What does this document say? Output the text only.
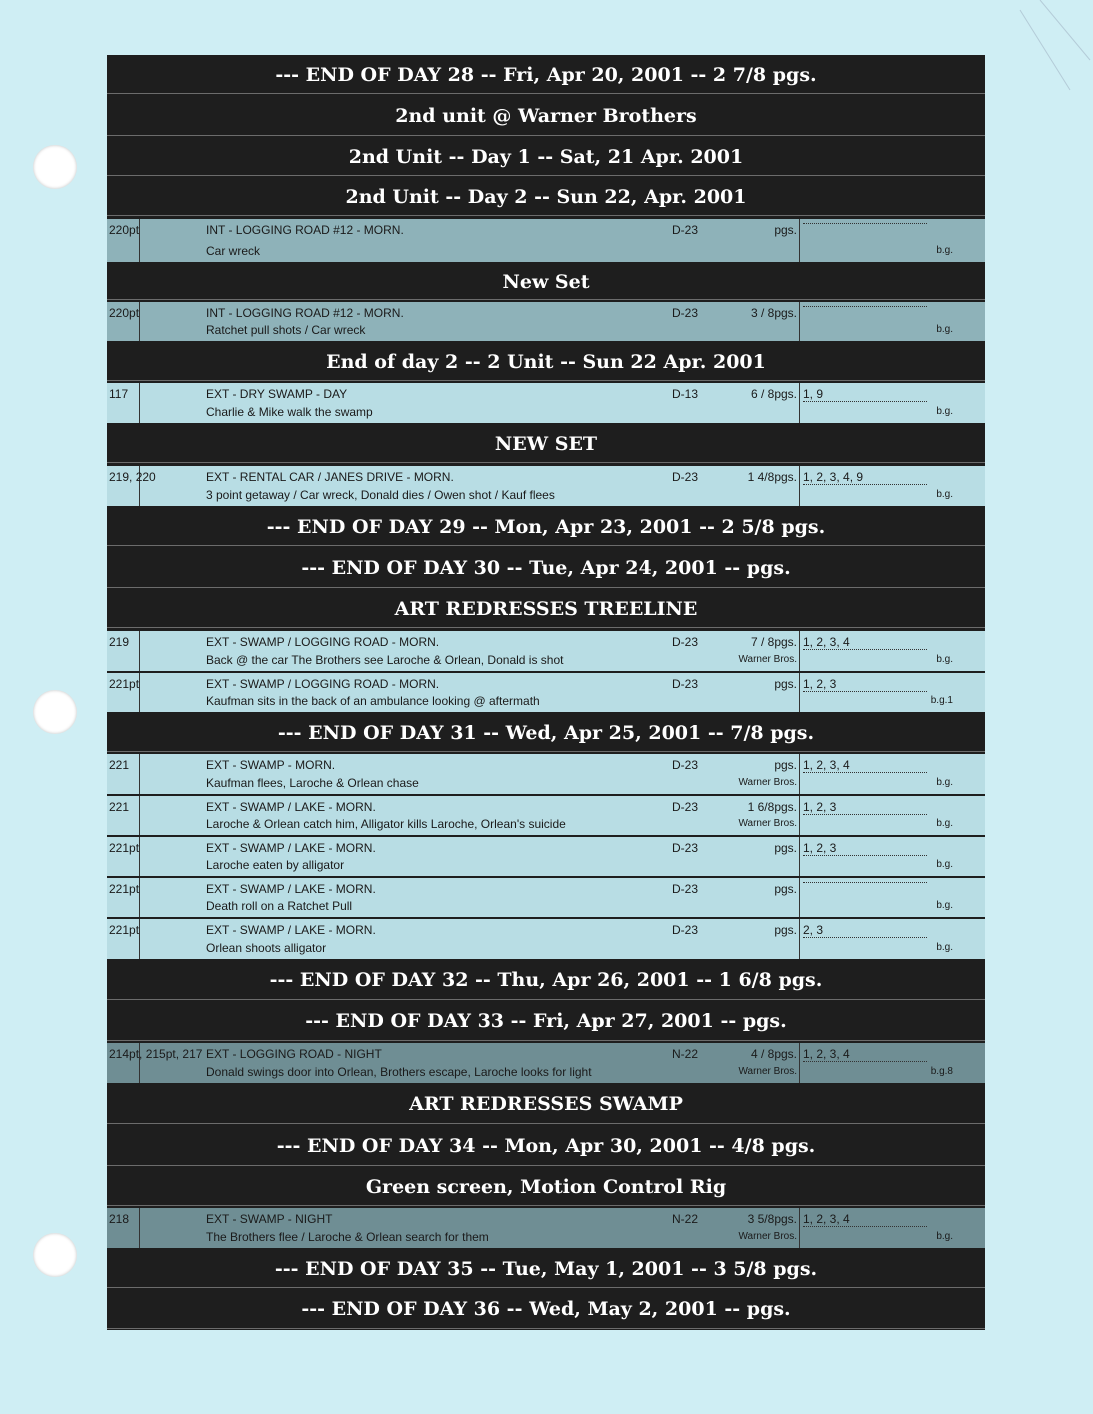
--- END OF DAY 28 -- Fri, Apr 20, 2001 -- 2 7/8 pgs.
2nd unit @ Warner Brothers
2nd Unit -- Day 1 -- Sat, 21 Apr. 2001
2nd Unit -- Day 2 -- Sun 22, Apr. 2001
220pt	INT - LOGGING ROAD #12 - MORN.	D-23	pgs.
Car wreck	b.g.
New Set
220pt	INT - LOGGING ROAD #12 - MORN.	D-23	3 / 8pgs.
Ratchet pull shots / Car wreck	b.g.
End of day 2 -- 2 Unit -- Sun 22 Apr. 2001
117	EXT - DRY SWAMP - DAY	D-13	6 / 8pgs. 1, 9
Charlie & Mike walk the swamp	b.g.
NEW SET
219, 220	EXT - RENTAL CAR / JANES DRIVE - MORN.	D-23	1 4/8pgs. 1, 2, 3, 4, 9
3 point getaway / Car wreck, Donald dies / Owen shot / Kauf flees	b.g.
--- END OF DAY 29 -- Mon, Apr 23, 2001 -- 2 5/8 pgs.
--- END OF DAY 30 -- Tue, Apr 24, 2001 -- pgs.
ART REDRESSES TREELINE
219	EXT - SWAMP / LOGGING ROAD - MORN.	D-23	7 / 8pgs. 1, 2, 3, 4
Back @ the car The Brothers see Laroche & Orlean, Donald is shot	Warner Bros.	b.g.
221pt	EXT - SWAMP / LOGGING ROAD - MORN.	D-23	pgs. 1, 2, 3
Kaufman sits in the back of an ambulance looking @ aftermath	b.g.1
--- END OF DAY 31 -- Wed, Apr 25, 2001 -- 7/8 pgs.
221	EXT - SWAMP - MORN.	D-23	pgs. 1, 2, 3, 4
Kaufman flees, Laroche & Orlean chase	Warner Bros.	b.g.
221	EXT - SWAMP / LAKE - MORN.	D-23	1 6/8pgs. 1, 2, 3
Laroche & Orlean catch him, Alligator kills Laroche, Orlean's suicide	Warner Bros.	b.g.
221pt	EXT - SWAMP / LAKE - MORN.	D-23	pgs. 1, 2, 3
Laroche eaten by alligator	b.g.
221pt	EXT - SWAMP / LAKE - MORN.	D-23	pgs.
Death roll on a Ratchet Pull	b.g.
221pt	EXT - SWAMP / LAKE - MORN.	D-23	pgs. 2, 3
Orlean shoots alligator	b.g.
--- END OF DAY 32 -- Thu, Apr 26, 2001 -- 1 6/8 pgs.
--- END OF DAY 33 -- Fri, Apr 27, 2001 -- pgs.
214pt, 215pt, 217 EXT - LOGGING ROAD - NIGHT	N-22	4 / 8pgs. 1, 2, 3, 4
Donald swings door into Orlean, Brothers escape, Laroche looks for light	Warner Bros.	b.g.8
ART REDRESSES SWAMP
--- END OF DAY 34 -- Mon, Apr 30, 2001 -- 4/8 pgs.
Green screen, Motion Control Rig
218	EXT - SWAMP - NIGHT	N-22	3 5/8pgs. 1, 2, 3, 4
The Brothers flee / Laroche & Orlean search for them	Warner Bros.	b.g.
--- END OF DAY 35 -- Tue, May 1, 2001 -- 3 5/8 pgs.
--- END OF DAY 36 -- Wed, May 2, 2001 -- pgs.
